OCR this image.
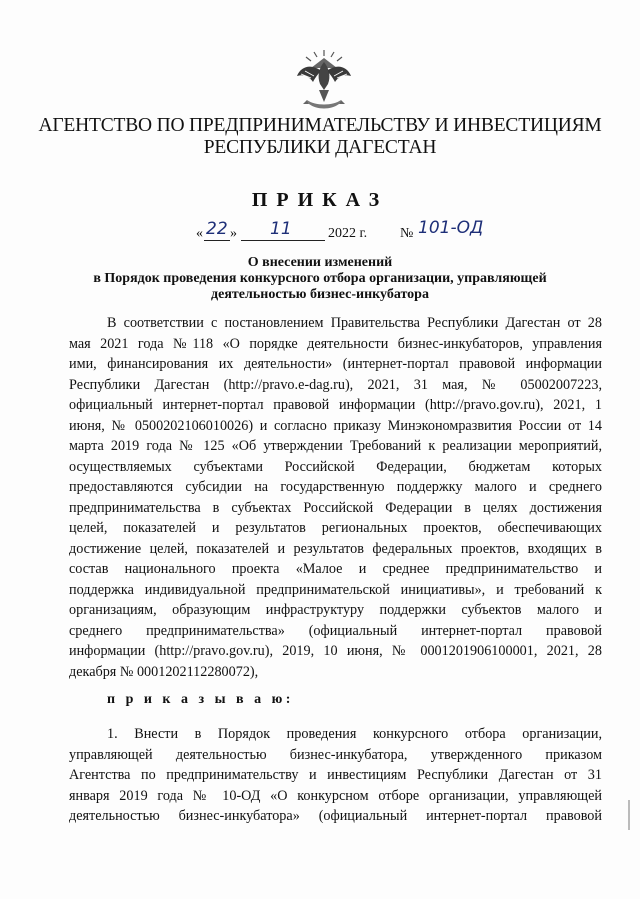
АГЕНТСТВО ПО ПРЕДПРИНИМАТЕЛЬСТВУ И ИНВЕСТИЦИЯМ
РЕСПУБЛИКИ ДАГЕСТАН
ПРИКАЗ
« 22 » 11	2022 г. № 101-ОД
О внесении изменений
в Порядок проведения конкурсного отбора организации, управляющей
деятельностью бизнес-инкубатора
В соответствии с постановлением Правительства Республики Дагестан от 28
мая 2021 года №118 «О порядке деятельности бизнес-инкубаторов, управления
ими, финансирования их деятельности» (интернет-портал правовой информации
Республики Дагестан (http://pravo.e-dag.ru), 2021, 31 мая, № 05002007223,
официальный интернет-портал правовой информации (http://pravo.gov.ru), 2021, 1
июня, № 0500202106010026) и согласно приказу Минэкономразвития России от 14
марта 2019 года № 125 «Об утверждении Требований к реализации мероприятий,
осуществляемых субъектами Российской Федерации, бюджетам которых
предоставляются субсидии на государственную поддержку малого и среднего
предпринимательства в субъектах Российской Федерации в целях достижения
целей, показателей и результатов региональных проектов, обеспечивающих
достижение целей, показателей и результатов федеральных проектов, входящих в
состав национального проекта «Малое и среднее предпринимательство и
поддержка индивидуальной предпринимательской инициативы», и требований к
организациям, образующим инфраструктуру поддержки субъектов малого и
среднего предпринимательства» (официальный интернет-портал правовой
информации (http://pravo.gov.ru), 2019, 10 июня, № 0001201906100001, 2021, 28
декабря № 0001202112280072),
п р и к а з ы в а ю:
1. Внести в Порядок проведения конкурсного отбора организации,
управляющей деятельностью бизнес-инкубатора, утвержденного приказом
Агентства по предпринимательству и инвестициям Республики Дагестан от 31
января 2019 года № 10-ОД «О конкурсном отборе организации, управляющей
деятельностью бизнес-инкубатора» (официальный интернет-портал правовой
